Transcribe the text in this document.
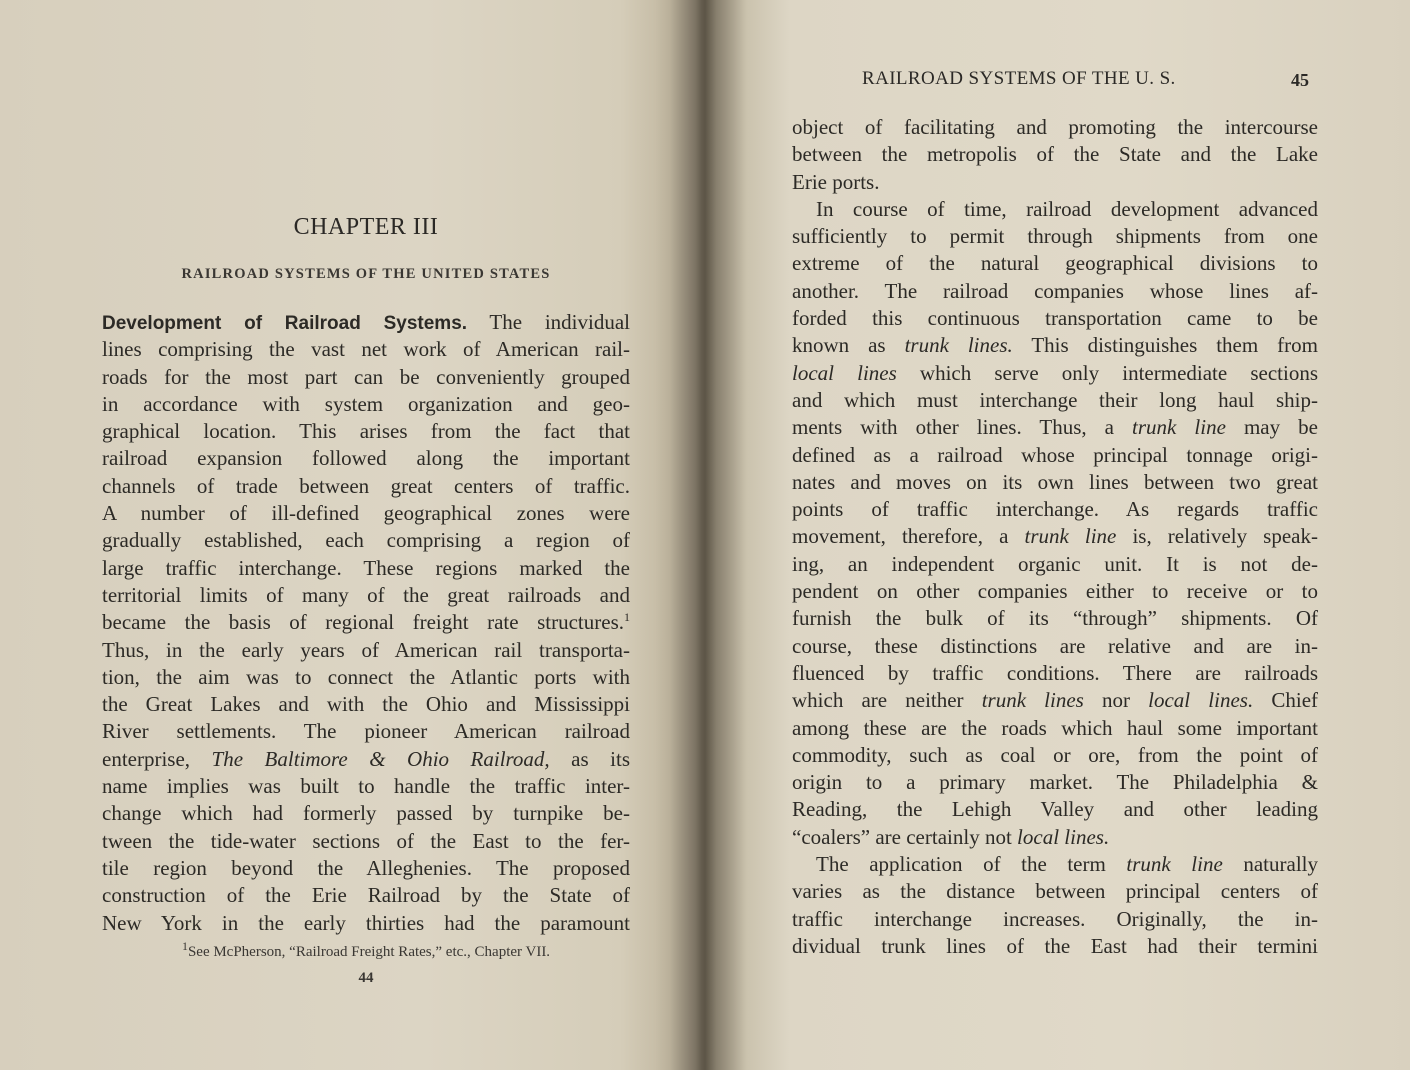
CHAPTER III
RAILROAD SYSTEMS OF THE UNITED STATES
Development of Railroad Systems. The individual
lines comprising the vast net work of American rail-
roads for the most part can be conveniently grouped
in accordance with system organization and geo-
graphical location. This arises from the fact that
railroad expansion followed along the important
channels of trade between great centers of traffic.
A number of ill-defined geographical zones were
gradually established, each comprising a region of
large traffic interchange. These regions marked the
territorial limits of many of the great railroads and
became the basis of regional freight rate structures.$^1$
Thus, in the early years of American rail transporta-
tion, the aim was to connect the Atlantic ports with
the Great Lakes and with the Ohio and Mississippi
River settlements. The pioneer American railroad
enterprise, The Baltimore & Ohio Railroad, as its
name implies was built to handle the traffic inter-
change which had formerly passed by turnpike be-
tween the tide-water sections of the East to the fer-
tile region beyond the Alleghenies. The proposed
construction of the Erie Railroad by the State of
New York in the early thirties had the paramount
$^1$See McPherson, “Railroad Freight Rates,” etc., Chapter VII.
44
RAILROAD SYSTEMS OF THE U. S.	45
object of facilitating and promoting the intercourse
between the metropolis of the State and the Lake
Erie ports.
In course of time, railroad development advanced
sufficiently to permit through shipments from one
extreme of the natural geographical divisions to
another. The railroad companies whose lines af-
forded this continuous transportation came to be
known as trunk lines. This distinguishes them from
local lines which serve only intermediate sections
and which must interchange their long haul ship-
ments with other lines. Thus, a trunk line may be
defined as a railroad whose principal tonnage origi-
nates and moves on its own lines between two great
points of traffic interchange. As regards traffic
movement, therefore, a trunk line is, relatively speak-
ing, an independent organic unit. It is not de-
pendent on other companies either to receive or to
furnish the bulk of its “through” shipments. Of
course, these distinctions are relative and are in-
fluenced by traffic conditions. There are railroads
which are neither trunk lines nor local lines. Chief
among these are the roads which haul some important
commodity, such as coal or ore, from the point of
origin to a primary market. The Philadelphia &
Reading, the Lehigh Valley and other leading
“coalers” are certainly not local lines.
The application of the term trunk line naturally
varies as the distance between principal centers of
traffic interchange increases. Originally, the in-
dividual trunk lines of the East had their termini
